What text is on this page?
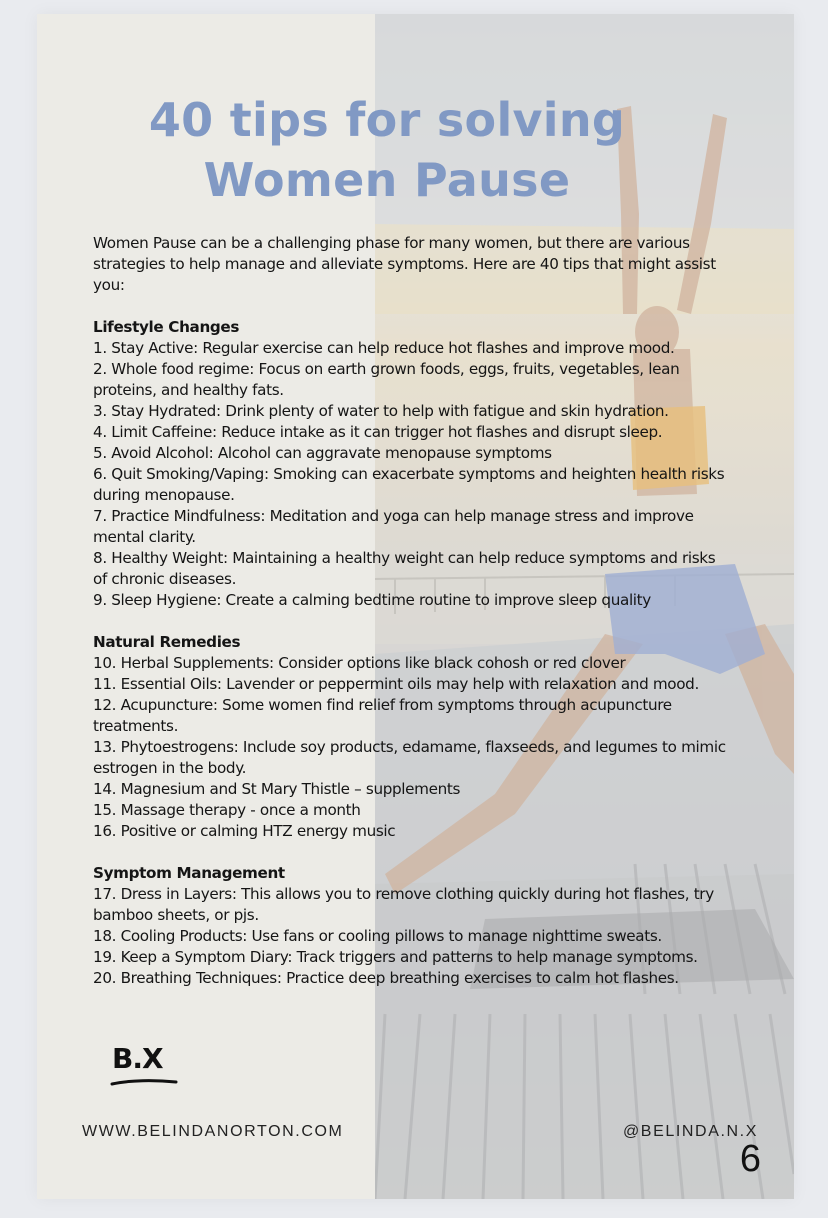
40 tips for solving
Women Pause

Women Pause can be a challenging phase for many women, but there are various strategies to help manage and alleviate symptoms. Here are 40 tips that might assist you:

Lifestyle Changes

1. Stay Active: Regular exercise can help reduce hot flashes and improve mood.
2. Whole food regime: Focus on earth grown foods, eggs, fruits, vegetables, lean proteins, and healthy fats.
3. Stay Hydrated: Drink plenty of water to help with fatigue and skin hydration.
4. Limit Caffeine: Reduce intake as it can trigger hot flashes and disrupt sleep.
5. Avoid Alcohol: Alcohol can aggravate menopause symptoms
6. Quit Smoking/Vaping: Smoking can exacerbate symptoms and heighten health risks during menopause.
7. Practice Mindfulness: Meditation and yoga can help manage stress and improve mental clarity.
8. Healthy Weight: Maintaining a healthy weight can help reduce symptoms and risks of chronic diseases.
9. Sleep Hygiene: Create a calming bedtime routine to improve sleep quality

Natural Remedies

10. Herbal Supplements: Consider options like black cohosh or red clover
11. Essential Oils: Lavender or peppermint oils may help with relaxation and mood.
12. Acupuncture: Some women find relief from symptoms through acupuncture treatments.
13. Phytoestrogens: Include soy products, edamame, flaxseeds, and legumes to mimic estrogen in the body.
14. Magnesium and St Mary Thistle – supplements
15. Massage therapy - once a month
16. Positive or calming HTZ energy music

Symptom Management

17. Dress in Layers: This allows you to remove clothing quickly during hot flashes, try bamboo sheets, or pjs.
18. Cooling Products: Use fans or cooling pillows to manage nighttime sweats.
19. Keep a Symptom Diary: Track triggers and patterns to help manage symptoms.
20. Breathing Techniques: Practice deep breathing exercises to calm hot flashes.
B.X
WWW.BELINDANORTON.COM	@BELINDA.N.X
6
